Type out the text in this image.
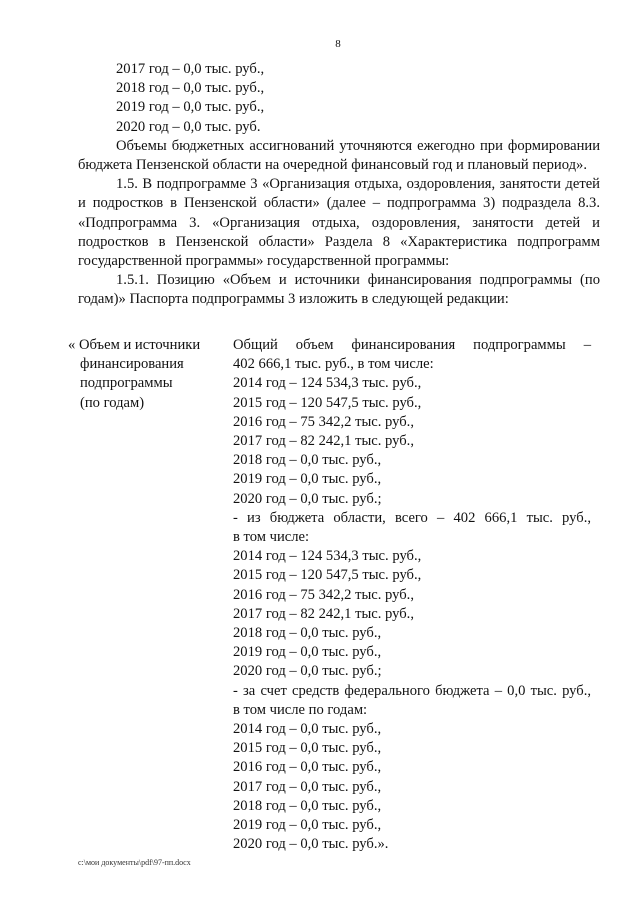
8
2017 год – 0,0 тыс. руб.,
2018 год – 0,0 тыс. руб.,
2019 год – 0,0 тыс. руб.,
2020 год – 0,0 тыс. руб.
Объемы бюджетных ассигнований уточняются ежегодно при формировании бюджета Пензенской области на очередной финансовый год и плановый период».
1.5. В подпрограмме 3 «Организация отдыха, оздоровления, занятости детей и подростков в Пензенской области» (далее – подпрограмма 3) подраздела 8.3. «Подпрограмма 3. «Организация отдыха, оздоровления, занятости детей и подростков в Пензенской области» Раздела 8 «Характеристика подпрограмм государственной программы» государственной программы:
1.5.1. Позицию «Объем и источники финансирования подпрограммы (по годам)» Паспорта подпрограммы 3 изложить в следующей редакции:
« Объем и источники
финансирования
подпрограммы
(по годам)
Общий объем финансирования подпрограммы –
402 666,1 тыс. руб., в том числе:
2014 год – 124 534,3 тыс. руб.,
2015 год – 120 547,5 тыс. руб.,
2016 год – 75 342,2 тыс. руб.,
2017 год – 82 242,1 тыс. руб.,
2018 год – 0,0 тыс. руб.,
2019 год – 0,0 тыс. руб.,
2020 год – 0,0 тыс. руб.;
- из бюджета области, всего – 402 666,1 тыс. руб.,
в том числе:
2014 год – 124 534,3 тыс. руб.,
2015 год – 120 547,5 тыс. руб.,
2016 год – 75 342,2 тыс. руб.,
2017 год – 82 242,1 тыс. руб.,
2018 год – 0,0 тыс. руб.,
2019 год – 0,0 тыс. руб.,
2020 год – 0,0 тыс. руб.;
- за счет средств федерального бюджета – 0,0 тыс. руб.,
в том числе по годам:
2014 год – 0,0 тыс. руб.,
2015 год – 0,0 тыс. руб.,
2016 год – 0,0 тыс. руб.,
2017 год – 0,0 тыс. руб.,
2018 год – 0,0 тыс. руб.,
2019 год – 0,0 тыс. руб.,
2020 год – 0,0 тыс. руб.».
c:\мои документы\pdf\97-пп.docx
